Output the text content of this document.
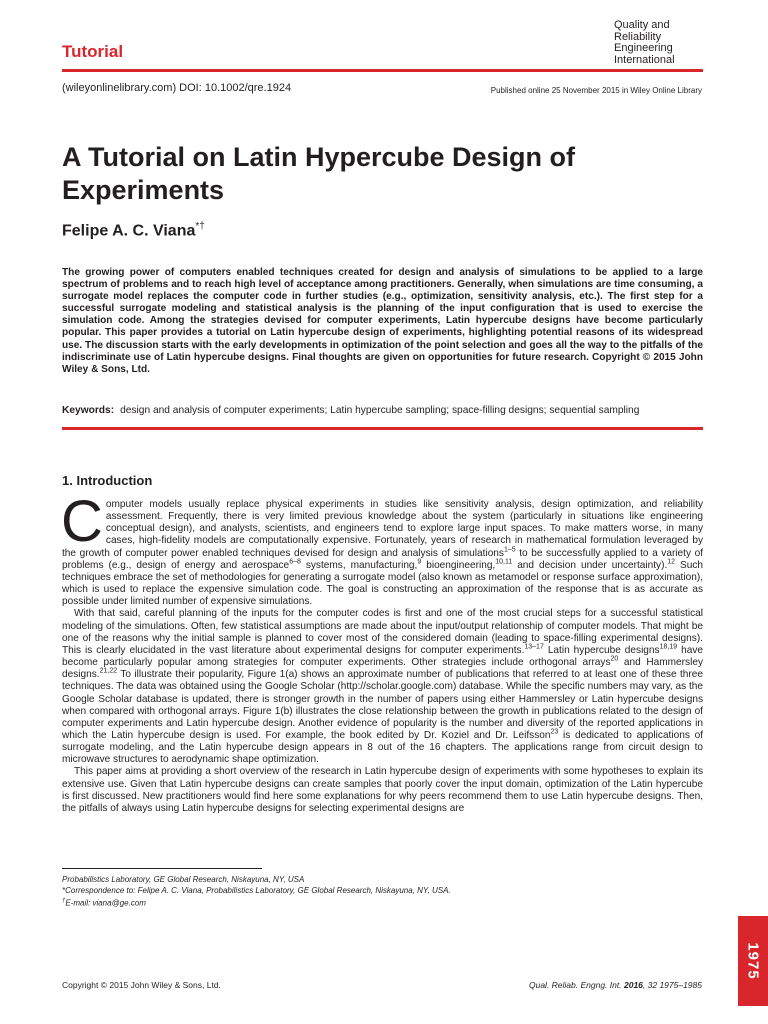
Tutorial
Quality and
Reliability
Engineering
International
(wileyonlinelibrary.com) DOI: 10.1002/qre.1924	Published online 25 November 2015 in Wiley Online Library
A Tutorial on Latin Hypercube Design of Experiments
Felipe A. C. Viana*†
The growing power of computers enabled techniques created for design and analysis of simulations to be applied to a large spectrum of problems and to reach high level of acceptance among practitioners. Generally, when simulations are time consuming, a surrogate model replaces the computer code in further studies (e.g., optimization, sensitivity analysis, etc.). The first step for a successful surrogate modeling and statistical analysis is the planning of the input configuration that is used to exercise the simulation code. Among the strategies devised for computer experiments, Latin hypercube designs have become particularly popular. This paper provides a tutorial on Latin hypercube design of experiments, highlighting potential reasons of its widespread use. The discussion starts with the early developments in optimization of the point selection and goes all the way to the pitfalls of the indiscriminate use of Latin hypercube designs. Final thoughts are given on opportunities for future research. Copyright © 2015 John Wiley & Sons, Ltd.
Keywords: design and analysis of computer experiments; Latin hypercube sampling; space-filling designs; sequential sampling
1. Introduction

Computer models usually replace physical experiments in studies like sensitivity analysis, design optimization, and reliability assessment. Frequently, there is very limited previous knowledge about the system (particularly in situations like engineering conceptual design), and analysts, scientists, and engineers tend to explore large input spaces. To make matters worse, in many cases, high-fidelity models are computationally expensive. Fortunately, years of research in mathematical formulation leveraged by the growth of computer power enabled techniques devised for design and analysis of simulations$^{1-5}$ to be successfully applied to a variety of problems (e.g., design of energy and aerospace$^{6-8}$ systems, manufacturing,$^9$ bioengineering,$^{10,11}$ and decision under uncertainty).$^{12}$ Such techniques embrace the set of methodologies for generating a surrogate model (also known as metamodel or response surface approximation), which is used to replace the expensive simulation code. The goal is constructing an approximation of the response that is as accurate as possible under limited number of expensive simulations.

With that said, careful planning of the inputs for the computer codes is first and one of the most crucial steps for a successful statistical modeling of the simulations. Often, few statistical assumptions are made about the input/output relationship of computer models. That might be one of the reasons why the initial sample is planned to cover most of the considered domain (leading to space-filling experimental designs). This is clearly elucidated in the vast literature about experimental designs for computer experiments.$^{13-17}$ Latin hypercube designs$^{18,19}$ have become particularly popular among strategies for computer experiments. Other strategies include orthogonal arrays$^{20}$ and Hammersley designs.$^{21,22}$ To illustrate their popularity, Figure 1(a) shows an approximate number of publications that referred to at least one of these three techniques. The data was obtained using the Google Scholar (http://scholar.google.com) database. While the specific numbers may vary, as the Google Scholar database is updated, there is stronger growth in the number of papers using either Hammersley or Latin hypercube designs when compared with orthogonal arrays. Figure 1(b) illustrates the close relationship between the growth in publications related to the design of computer experiments and Latin hypercube design. Another evidence of popularity is the number and diversity of the reported applications in which the Latin hypercube design is used. For example, the book edited by Dr. Koziel and Dr. Leifsson$^{23}$ is dedicated to applications of surrogate modeling, and the Latin hypercube design appears in 8 out of the 16 chapters. The applications range from circuit design to microwave structures to aerodynamic shape optimization.

This paper aims at providing a short overview of the research in Latin hypercube design of experiments with some hypotheses to explain its extensive use. Given that Latin hypercube designs can create samples that poorly cover the input domain, optimization of the Latin hypercube is first discussed. New practitioners would find here some explanations for why peers recommend them to use Latin hypercube designs. Then, the pitfalls of always using Latin hypercube designs for selecting experimental designs are

Probabilistics Laboratory, GE Global Research, Niskayuna, NY, USA
*Correspondence to: Felipe A. C. Viana, Probabilistics Laboratory, GE Global Research, Niskayuna, NY, USA.
†E-mail: viana@ge.com
Copyright © 2015 John Wiley & Sons, Ltd.	Qual. Reliab. Engng. Int. 2016, 32 1975–1985
1975
